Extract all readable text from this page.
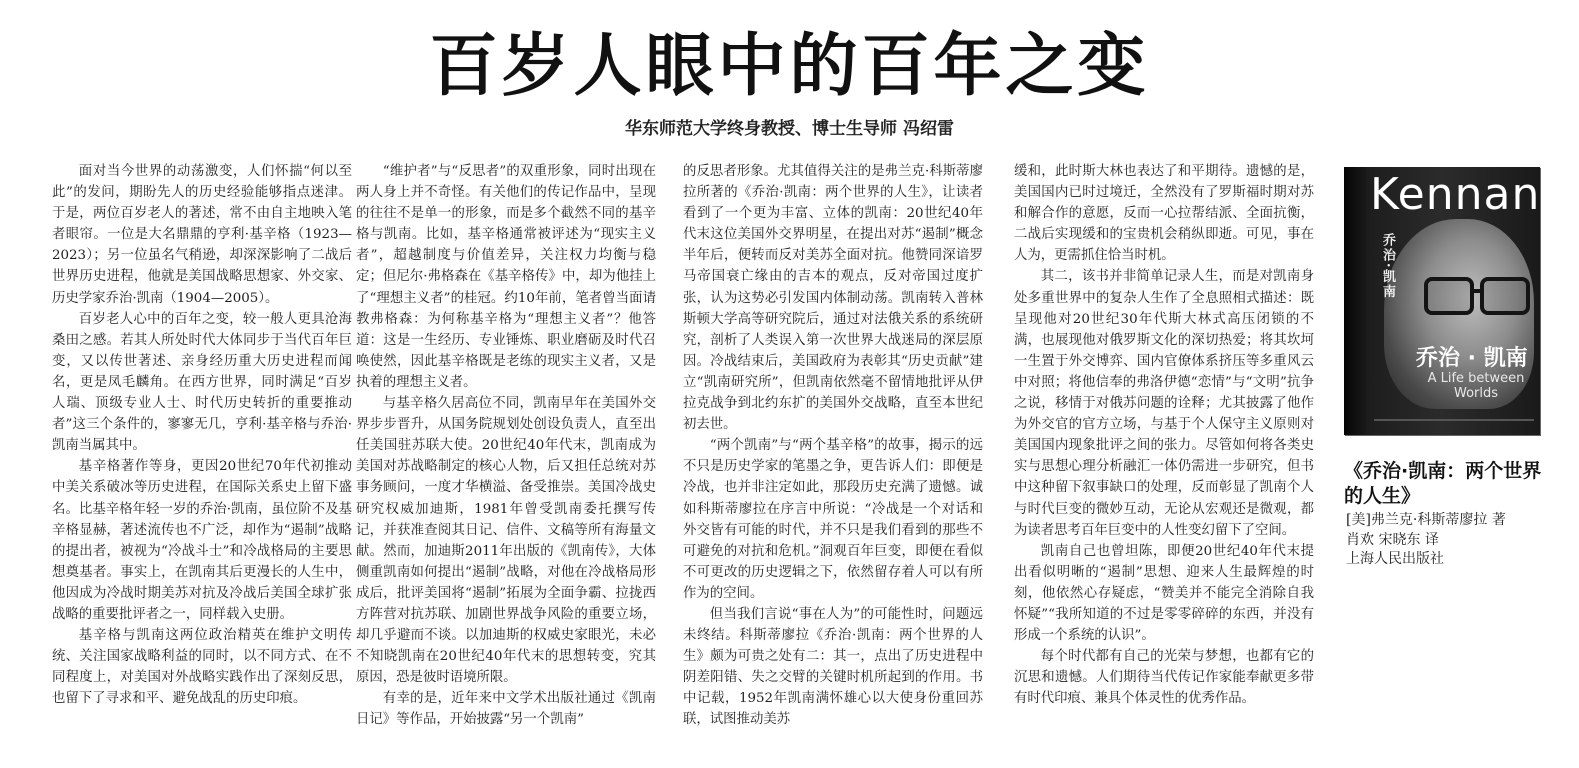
百岁人眼中的百年之变
华东师范大学终身教授、博士生导师 冯绍雷

面对当今世界的动荡激变，人们怀揣“何以至此”的发问，期盼先人的历史经验能够指点迷津。于是，两位百岁老人的著述，常不由自主地映入笔者眼帘。一位是大名鼎鼎的亨利·基辛格（1923—2023）；另一位虽名气稍逊，却深深影响了二战后世界历史进程，他就是美国战略思想家、外交家、历史学家乔治·凯南（1904—2005）。

百岁老人心中的百年之变，较一般人更具沧海桑田之感。若其人所处时代大体同步于当代百年巨变，又以传世著述、亲身经历重大历史进程而闻名，更是凤毛麟角。在西方世界，同时满足“百岁人瑞、顶级专业人士、时代历史转折的重要推动者”这三个条件的，寥寥无几，亨利·基辛格与乔治·凯南当属其中。

基辛格著作等身，更因20世纪70年代初推动中美关系破冰等历史进程，在国际关系史上留下盛名。比基辛格年轻一岁的乔治·凯南，虽位阶不及基辛格显赫，著述流传也不广泛，却作为“遏制”战略的提出者，被视为“冷战斗士”和冷战格局的主要思想奠基者。事实上，在凯南其后更漫长的人生中，他因成为冷战时期美苏对抗及冷战后美国全球扩张战略的重要批评者之一，同样载入史册。

基辛格与凯南这两位政治精英在维护文明传统、关注国家战略利益的同时，以不同方式、在不同程度上，对美国对外战略实践作出了深刻反思，也留下了寻求和平、避免战乱的历史印痕。

“维护者”与“反思者”的双重形象，同时出现在两人身上并不奇怪。有关他们的传记作品中，呈现的往往不是单一的形象，而是多个截然不同的基辛格与凯南。比如，基辛格通常被评述为“现实主义者”，超越制度与价值差异，关注权力均衡与稳定；但尼尔·弗格森在《基辛格传》中，却为他挂上了“理想主义者”的桂冠。约10年前，笔者曾当面请教弗格森：为何称基辛格为“理想主义者”？他答道：这是一生经历、专业锤炼、职业磨砺及时代召唤使然，因此基辛格既是老练的现实主义者，又是执着的理想主义者。

与基辛格久居高位不同，凯南早年在美国外交界步步晋升，从国务院规划处创设负责人，直至出任美国驻苏联大使。20世纪40年代末，凯南成为美国对苏战略制定的核心人物，后又担任总统对苏事务顾问，一度才华横溢、备受推崇。美国冷战史研究权威加迪斯，1981年曾受凯南委托撰写传记，并获准查阅其日记、信件、文稿等所有海量文献。然而，加迪斯2011年出版的《凯南传》，大体侧重凯南如何提出“遏制”战略，对他在冷战格局形成后，批评美国将“遏制”拓展为全面争霸、拉拢西方阵营对抗苏联、加剧世界战争风险的重要立场，却几乎避而不谈。以加迪斯的权威史家眼光，未必不知晓凯南在20世纪40年代末的思想转变，究其原因，恐是彼时语境所限。

有幸的是，近年来中文学术出版社通过《凯南日记》等作品，开始披露“另一个凯南”

的反思者形象。尤其值得关注的是弗兰克·科斯蒂廖拉所著的《乔治·凯南：两个世界的人生》，让读者看到了一个更为丰富、立体的凯南：20世纪40年代末这位美国外交界明星，在提出对苏“遏制”概念半年后，便转而反对美苏全面对抗。他赞同深谙罗马帝国衰亡缘由的吉本的观点，反对帝国过度扩张，认为这势必引发国内体制动荡。凯南转入普林斯顿大学高等研究院后，通过对法俄关系的系统研究，剖析了人类误入第一次世界大战迷局的深层原因。冷战结束后，美国政府为表彰其“历史贡献”建立“凯南研究所”，但凯南依然毫不留情地批评从伊拉克战争到北约东扩的美国外交战略，直至本世纪初去世。

“两个凯南”与“两个基辛格”的故事，揭示的远不只是历史学家的笔墨之争，更告诉人们：即便是冷战，也并非注定如此，那段历史充满了遗憾。诚如科斯蒂廖拉在序言中所说：“冷战是一个对话和外交皆有可能的时代，并不只是我们看到的那些不可避免的对抗和危机。”洞观百年巨变，即便在看似不可更改的历史逻辑之下，依然留存着人可以有所作为的空间。

但当我们言说“事在人为”的可能性时，问题远未终结。科斯蒂廖拉《乔治·凯南：两个世界的人生》颇为可贵之处有二：其一，点出了历史进程中阴差阳错、失之交臂的关键时机所起到的作用。书中记载，1952年凯南满怀雄心以大使身份重回苏联，试图推动美苏

缓和，此时斯大林也表达了和平期待。遗憾的是，美国国内已时过境迁，全然没有了罗斯福时期对苏和解合作的意愿，反而一心拉帮结派、全面抗衡，二战后实现缓和的宝贵机会稍纵即逝。可见，事在人为，更需抓住恰当时机。

其二，该书并非简单记录人生，而是对凯南身处多重世界中的复杂人生作了全息照相式描述：既呈现他对20世纪30年代斯大林式高压闭锁的不满，也展现他对俄罗斯文化的深切热爱；将其坎坷一生置于外交博弈、国内官僚体系挤压等多重风云中对照；将他信奉的弗洛伊德“恋情”与“文明”抗争之说，移情于对俄苏问题的诠释；尤其披露了他作为外交官的官方立场，与基于个人保守主义原则对美国国内现象批评之间的张力。尽管如何将各类史实与思想心理分析融汇一体仍需进一步研究，但书中这种留下叙事缺口的处理，反而彰显了凯南个人与时代巨变的微妙互动，无论从宏观还是微观，都为读者思考百年巨变中的人性变幻留下了空间。

凯南自己也曾坦陈，即便20世纪40年代末提出看似明晰的“遏制”思想、迎来人生最辉煌的时刻，他依然心存疑虑，“赞美并不能完全消除自我怀疑”“我所知道的不过是零零碎碎的东西，并没有形成一个系统的认识”。

每个时代都有自己的光荣与梦想，也都有它的沉思和遗憾。人们期待当代传记作家能奉献更多带有时代印痕、兼具个体灵性的优秀作品。

Kennan
乔治·凯南
乔治 · 凯南
A Life between Worlds
《乔治·凯南：两个世界的人生》
[美]弗兰克·科斯蒂廖拉 著
肖欢 宋晓东 译
上海人民出版社
